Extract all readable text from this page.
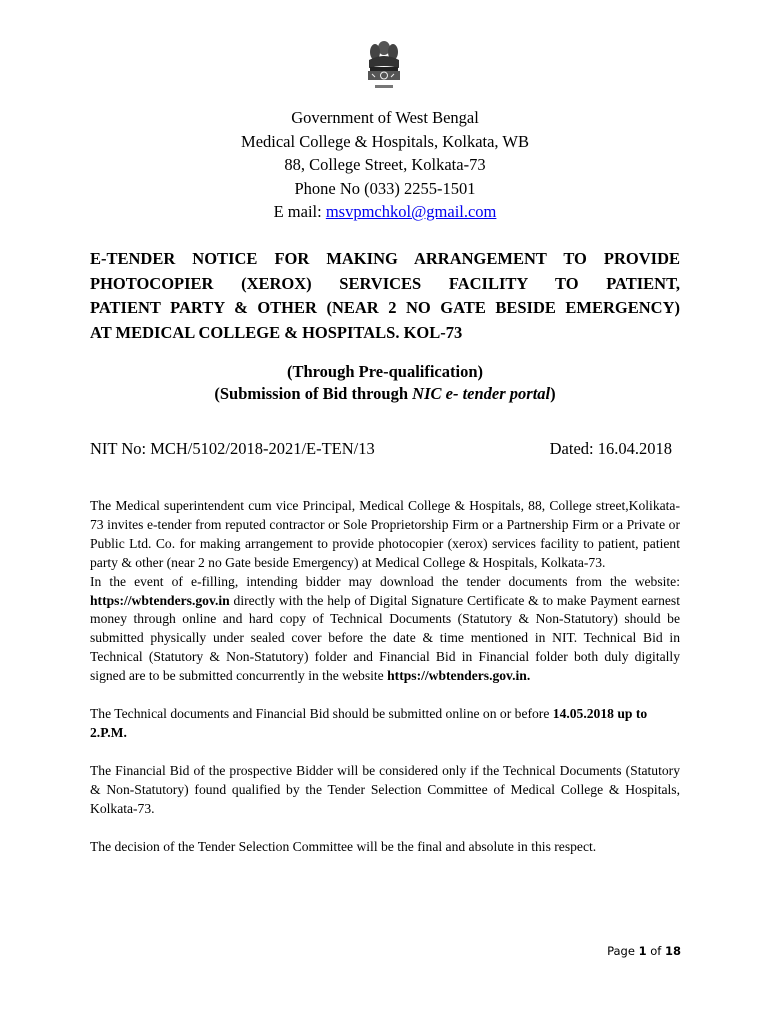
Government of West Bengal
Medical College & Hospitals, Kolkata, WB
88, College Street, Kolkata-73
Phone No (033) 2255-1501
E mail: msvpmchkol@gmail.com
E-TENDER NOTICE FOR MAKING ARRANGEMENT TO PROVIDE
PHOTOCOPIER (XEROX) SERVICES FACILITY TO PATIENT,
PATIENT PARTY & OTHER (NEAR 2 NO GATE BESIDE EMERGENCY)
AT MEDICAL COLLEGE & HOSPITALS. KOL-73
(Through Pre-qualification)
(Submission of Bid through NIC e- tender portal)
NIT No: MCH/5102/2018-2021/E-TEN/13	Dated: 16.04.2018

The Medical superintendent cum vice Principal, Medical College & Hospitals, 88, College street,Kolikata-73 invites e-tender from reputed contractor or Sole Proprietorship Firm or a Partnership Firm or a Private or Public Ltd. Co. for making arrangement to provide photocopier (xerox) services facility to patient, patient party & other (near 2 no Gate beside Emergency) at Medical College & Hospitals, Kolkata-73.

In the event of e-filling, intending bidder may download the tender documents from the website: https://wbtenders.gov.in directly with the help of Digital Signature Certificate & to make Payment earnest money through online and hard copy of Technical Documents (Statutory & Non-Statutory) should be submitted physically under sealed cover before the date & time mentioned in NIT. Technical Bid in Technical (Statutory & Non-Statutory) folder and Financial Bid in Financial folder both duly digitally signed are to be submitted concurrently in the website https://wbtenders.gov.in.

The Technical documents and Financial Bid should be submitted online on or before 14.05.2018 up to 2.P.M.

The Financial Bid of the prospective Bidder will be considered only if the Technical Documents (Statutory & Non-Statutory) found qualified by the Tender Selection Committee of Medical College & Hospitals, Kolkata-73.

The decision of the Tender Selection Committee will be the final and absolute in this respect.

Page 1 of 18
